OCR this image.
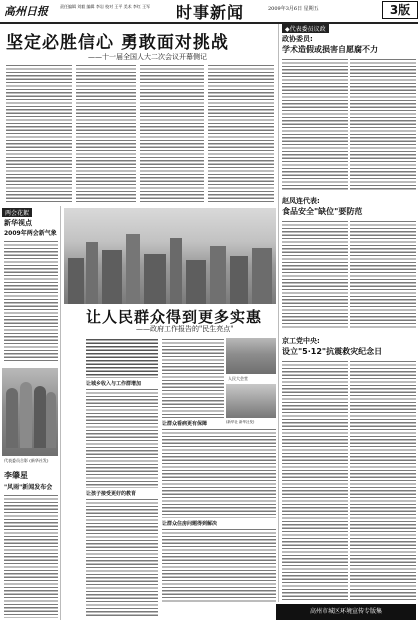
高州日报	责任编辑 刘毅 编辑 李岩 校对 王平 美术 李红 王军 时事新闻	2009年3月6日 星期五	3版
坚定必胜信心 勇敢面对挑战
——十一届全国人大二次会议开幕侧记
◆代表委员议政
政协委员:
学术造假或损害自愿腐不力
赵凤连代表:
食品安全"缺位"要防范
京工党中央:
设立"5·12"抗震救灾纪念日
两会花絮
新华视点
2009年两会新气象
代表委员合影 (新华社发)
李肇星
"风雨"新闻发布会
让人民群众得到更多实惠
——政府工作报告的"民生亮点"
让城乡收入与工作群增加
让孩子接受更好的教育
让群众看病更有保障
让群众住房问题得到解决
人民大会堂
(新华社 新华社发)
高州市城区环境宣传专版集
